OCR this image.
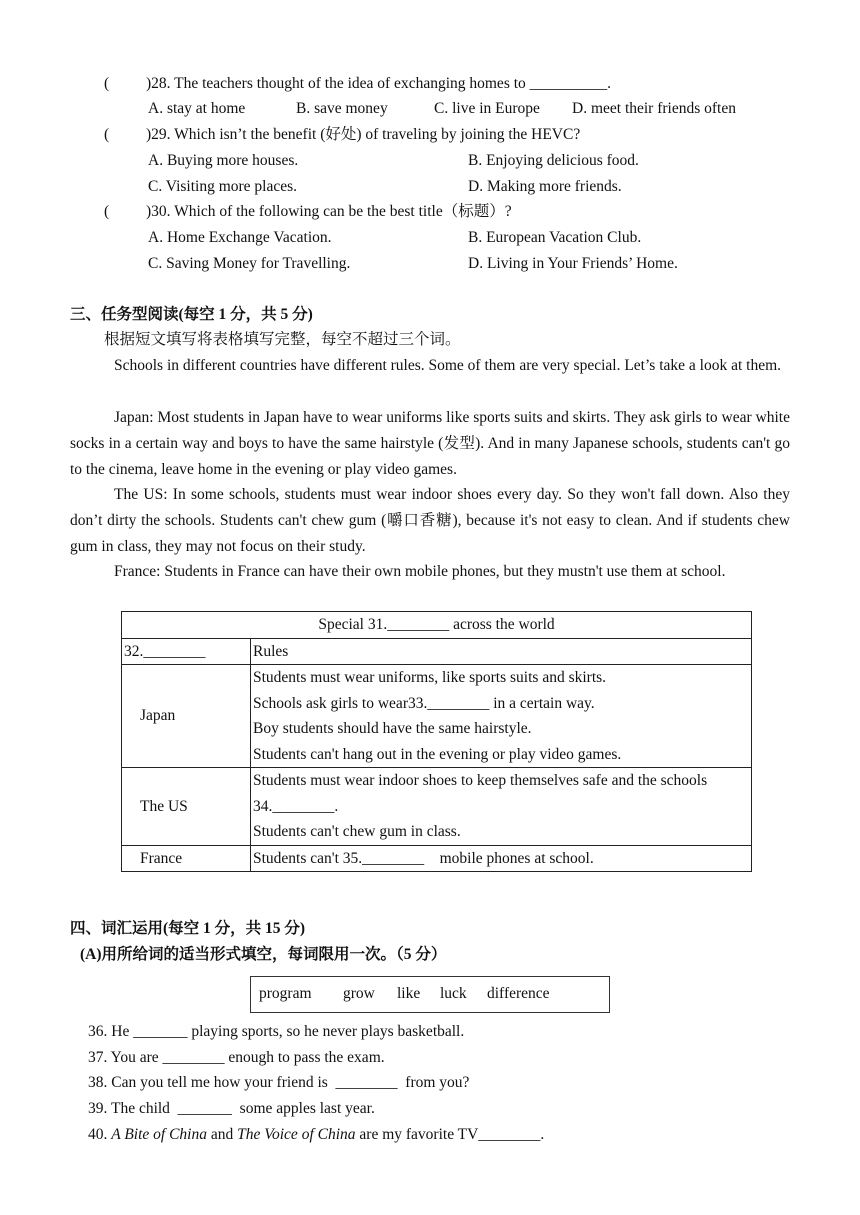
( )28. The teachers thought of the idea of exchanging homes to __________.
A. stay at home	B. save money	C. live in Europe D. meet their friends often
( )29. Which isn’t the benefit (好处) of traveling by joining the HEVC?
A. Buying more houses.	B. Enjoying delicious food.
C. Visiting more places.	D. Making more friends.
( )30. Which of the following can be the best title（标题）?
A. Home Exchange Vacation.	B. European Vacation Club.
C. Saving Money for Travelling.	D. Living in Your Friends’ Home.
三、任务型阅读(每空 1 分，共 5 分)
根据短文填写将表格填写完整，每空不超过三个词。
Schools in different countries have different rules. Some of them are very special. Let’s take a look at them.
Japan: Most students in Japan have to wear uniforms like sports suits and skirts. They ask girls to wear white socks in a certain way and boys to have the same hairstyle (发型). And in many Japanese schools, students can't go to the cinema, leave home in the evening or play video games.
The US: In some schools, students must wear indoor shoes every day. So they won't fall down. Also they don’t dirty the schools. Students can't chew gum (嚼口香糖), because it's not easy to clean. And if students chew gum in class, they may not focus on their study.
France: Students in France can have their own mobile phones, but they mustn't use them at school.
Special 31.________ across the world	
32.________	Rules
Japan	Students must wear uniforms, like sports suits and skirts.
Schools ask girls to wear33.________ in a certain way.
Boy students should have the same hairstyle.
Students can't hang out in the evening or play video games.

The US	Students must wear indoor shoes to keep themselves safe and the schools
34.________.
Students can't chew gum in class.

France	Students can't 35.________    mobile phones at school.
四、词汇运用(每空 1 分，共 15 分)
(A)用所给词的适当形式填空，每词限用一次。（5 分）
program grow like luck difference
36. He _______ playing sports, so he never plays basketball.
37. You are ________ enough to pass the exam.
38. Can you tell me how your friend is  ________  from you?
39. The child  _______  some apples last year.
40. A Bite of China and The Voice of China are my favorite TV________.
